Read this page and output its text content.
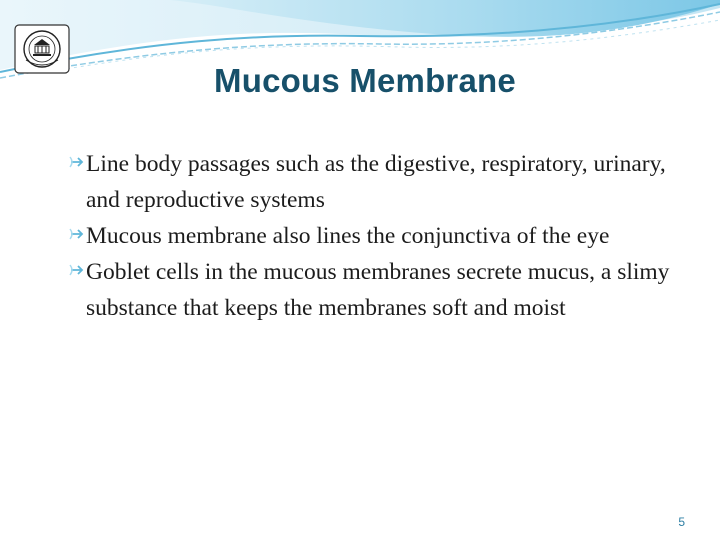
Mucous Membrane
Line body passages such as the digestive, respiratory, urinary, and reproductive systems
Mucous membrane also lines the conjunctiva of the eye
Goblet cells in the mucous membranes secrete mucus, a slimy substance that keeps the membranes soft and moist
5
